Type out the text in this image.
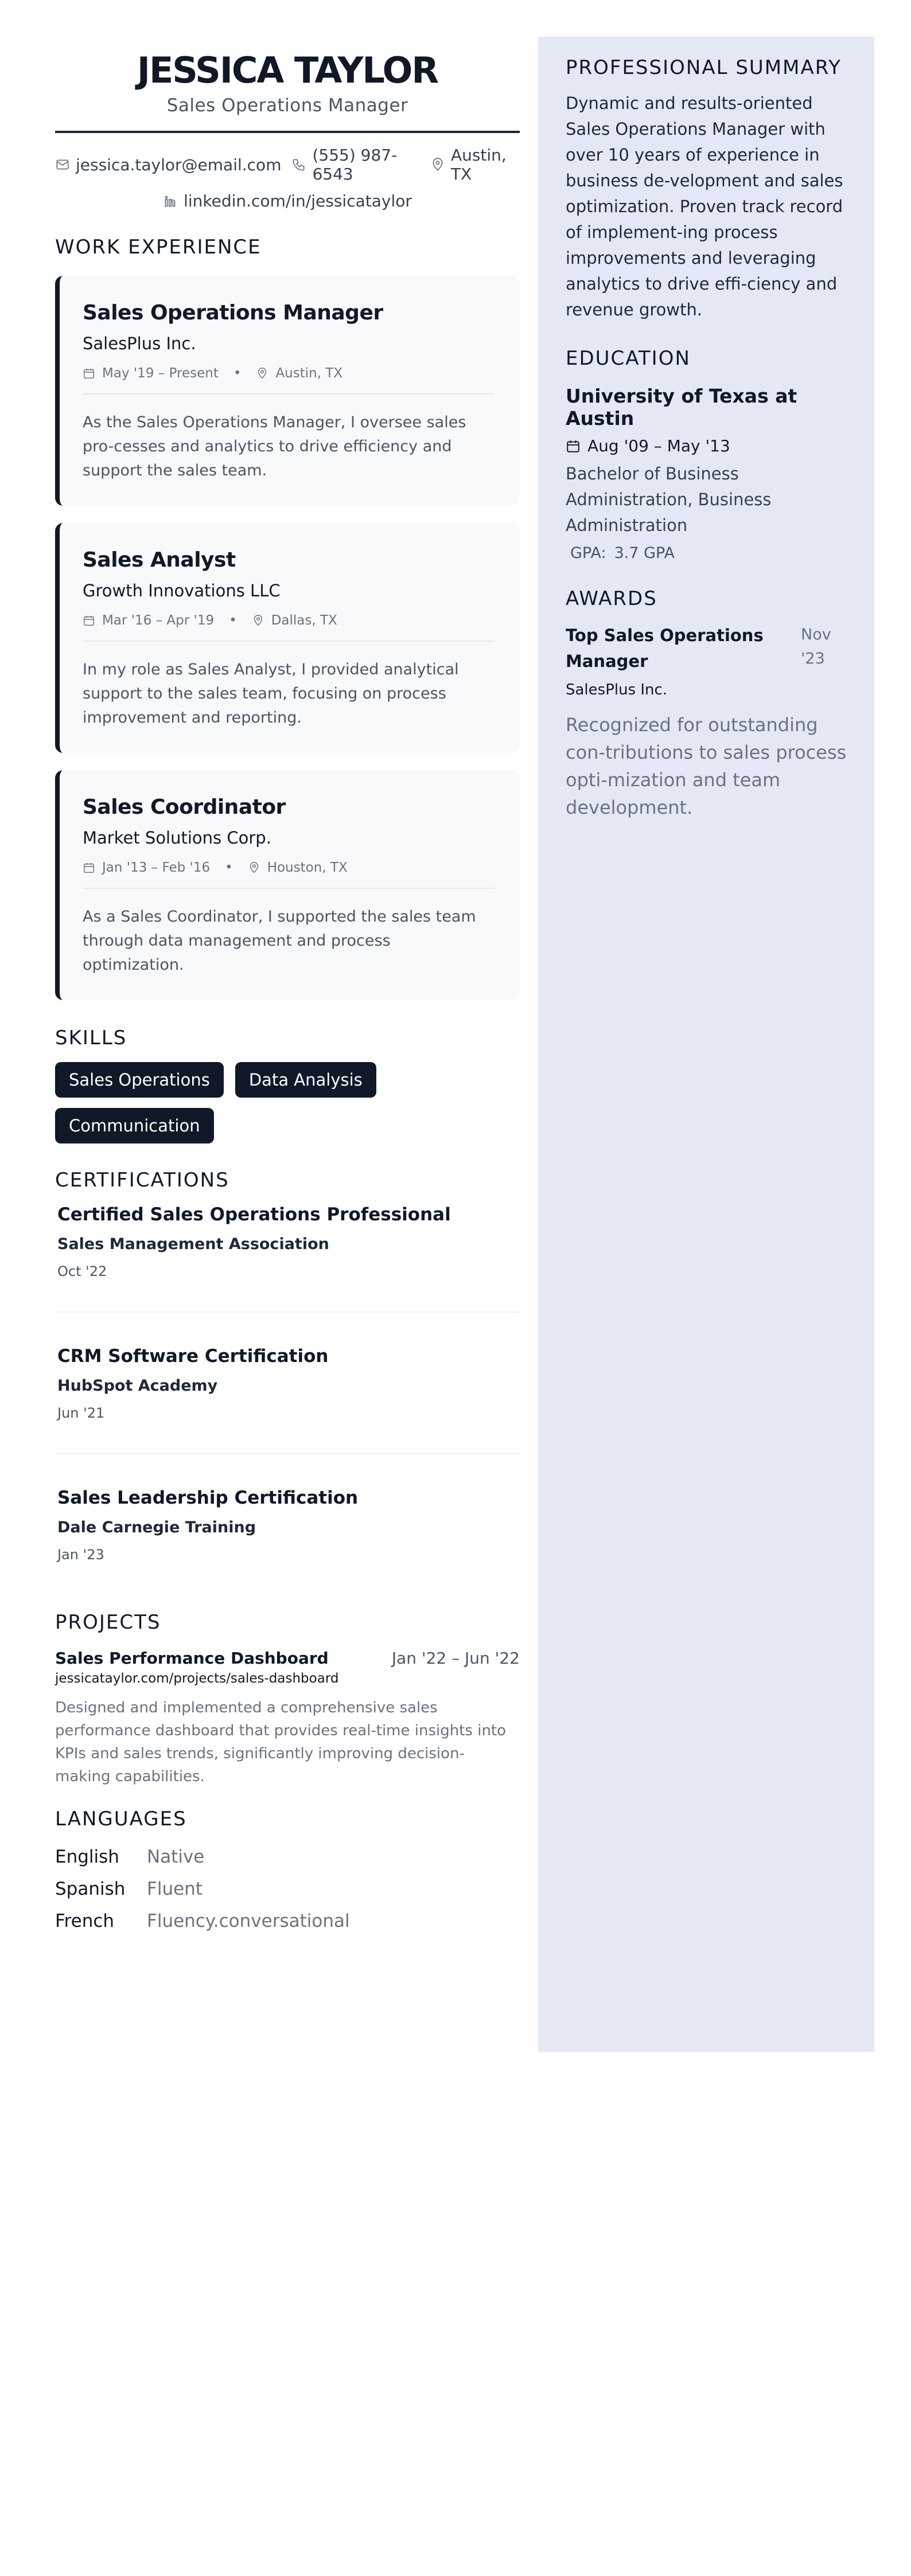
JESSICA TAYLOR
Sales Operations Manager
jessica.taylor@email.com (555) 987-6543
Austin, TX
linkedin.com/in/jessicataylor
WORK EXPERIENCE
Sales Operations Manager
SalesPlus Inc.
May '19 – Present •	Austin, TX
As the Sales Operations Manager, I oversee sales pro-cesses and analytics to drive efficiency and support the sales team.
Sales Analyst
Growth Innovations LLC
Mar '16 – Apr '19 •	Dallas, TX
In my role as Sales Analyst, I provided analytical support to the sales team, focusing on process improvement and reporting.
Sales Coordinator
Market Solutions Corp.
Jan '13 – Feb '16 •	Houston, TX
As a Sales Coordinator, I supported the sales team through data management and process optimization.
SKILLS
Sales Operations	Data Analysis
Communication
CERTIFICATIONS
Certified Sales Operations Professional
Sales Management Association
Oct '22
CRM Software Certification
HubSpot Academy
Jun '21
Sales Leadership Certification
Dale Carnegie Training
Jan '23
PROJECTS
Sales Performance Dashboard	Jan '22 – Jun '22
jessicataylor.com/projects/sales-dashboard
Designed and implemented a comprehensive sales performance dashboard that provides real-time insights into KPIs and sales trends, significantly improving decision-making capabilities.
LANGUAGES
English	Native
Spanish	Fluent
French	Fluency.conversational
PROFESSIONAL SUMMARY
Dynamic and results-oriented Sales Operations Manager with over 10 years of experience in business de-velopment and sales optimization. Proven track record of implement-ing process improvements and leveraging analytics to drive effi-ciency and revenue growth.
EDUCATION
University of Texas at Austin
Aug '09 – May '13
Bachelor of Business Administration, Business Administration
GPA: 3.7 GPA
AWARDS
Top Sales Operations Manager
Nov '23
SalesPlus Inc.
Recognized for outstanding con-tributions to sales process opti-mization and team development.
